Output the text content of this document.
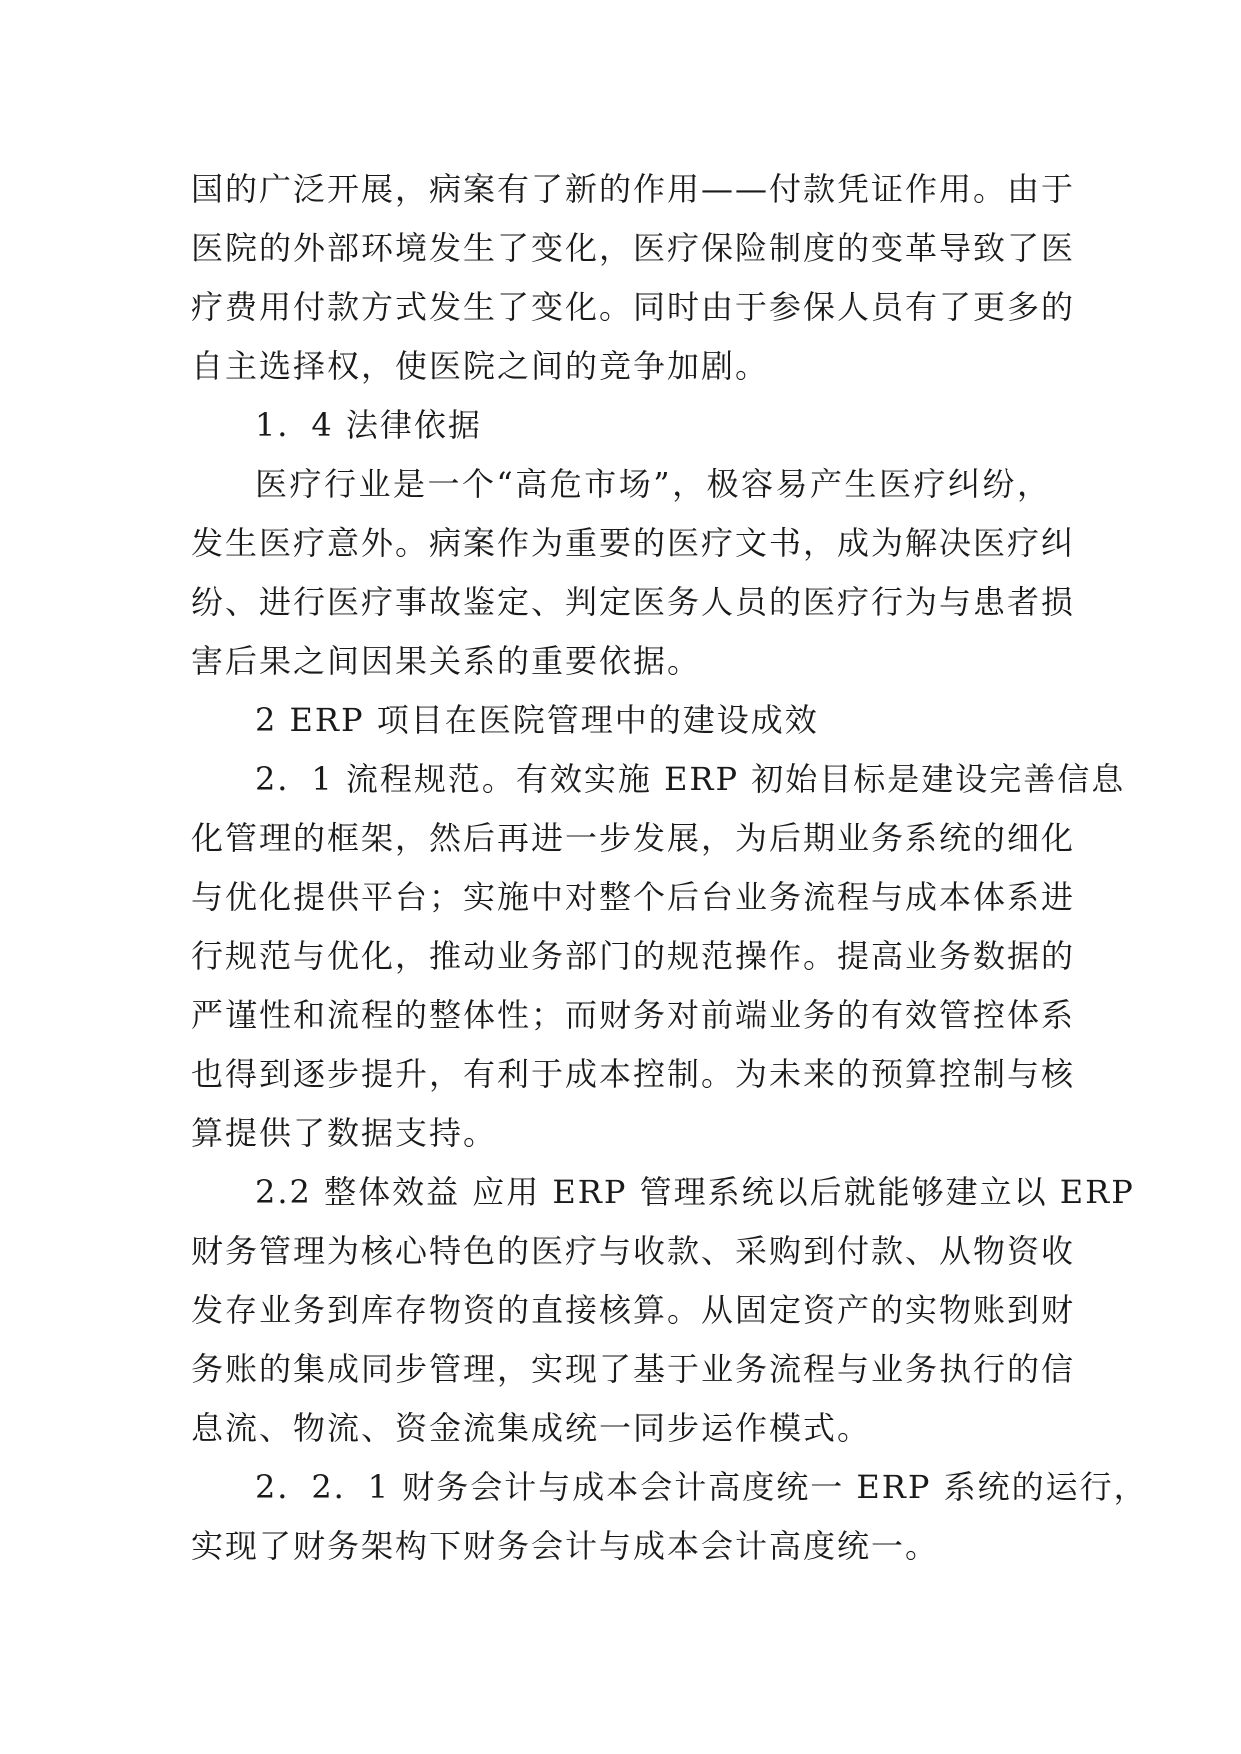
国的广泛开展，病案有了新的作用——付款凭证作用。由于
医院的外部环境发生了变化，医疗保险制度的变革导致了医
疗费用付款方式发生了变化。同时由于参保人员有了更多的
自主选择权，使医院之间的竞争加剧。
1．4 法律依据
医疗行业是一个“高危市场”，极容易产生医疗纠纷，
发生医疗意外。病案作为重要的医疗文书，成为解决医疗纠
纷、进行医疗事故鉴定、判定医务人员的医疗行为与患者损
害后果之间因果关系的重要依据。
2 ERP 项目在医院管理中的建设成效
2．1 流程规范。有效实施 ERP 初始目标是建设完善信息
化管理的框架，然后再进一步发展，为后期业务系统的细化
与优化提供平台；实施中对整个后台业务流程与成本体系进
行规范与优化，推动业务部门的规范操作。提高业务数据的
严谨性和流程的整体性；而财务对前端业务的有效管控体系
也得到逐步提升，有利于成本控制。为未来的预算控制与核
算提供了数据支持。
2.2 整体效益 应用 ERP 管理系统以后就能够建立以 ERP
财务管理为核心特色的医疗与收款、采购到付款、从物资收
发存业务到库存物资的直接核算。从固定资产的实物账到财
务账的集成同步管理，实现了基于业务流程与业务执行的信
息流、物流、资金流集成统一同步运作模式。
2．2．1 财务会计与成本会计高度统一 ERP 系统的运行，
实现了财务架构下财务会计与成本会计高度统一。
